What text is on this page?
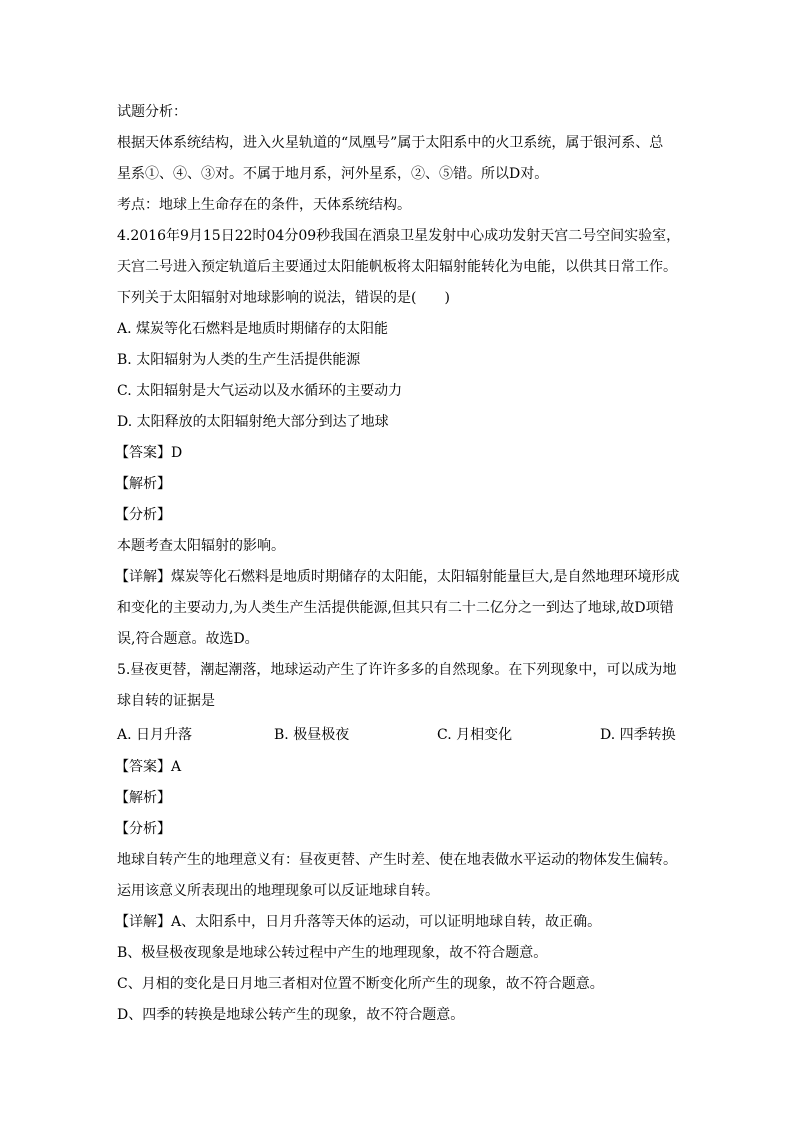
试题分析：
根据天体系统结构，进入火星轨道的“凤凰号”属于太阳系中的火卫系统，属于银河系、总
星系①、④、③对。不属于地月系，河外星系，②、⑤错。所以D对。
考点：地球上生命存在的条件，天体系统结构。
4.2016年9月15日22时04分09秒我国在酒泉卫星发射中心成功发射天宫二号空间实验室，
天宫二号进入预定轨道后主要通过太阳能帆板将太阳辐射能转化为电能，以供其日常工作。
下列关于太阳辐射对地球影响的说法，错误的是(　　)
A. 煤炭等化石燃料是地质时期储存的太阳能
B. 太阳辐射为人类的生产生活提供能源
C. 太阳辐射是大气运动以及水循环的主要动力
D. 太阳释放的太阳辐射绝大部分到达了地球
【答案】D
【解析】
【分析】
本题考查太阳辐射的影响。
【详解】煤炭等化石燃料是地质时期储存的太阳能，太阳辐射能量巨大,是自然地理环境形成
和变化的主要动力,为人类生产生活提供能源,但其只有二十二亿分之一到达了地球,故D项错
误,符合题意。故选D。
5.昼夜更替，潮起潮落，地球运动产生了许许多多的自然现象。在下列现象中，可以成为地
球自转的证据是
A. 日月升落	B. 极昼极夜	C. 月相变化	D. 四季转换
【答案】A
【解析】
【分析】
地球自转产生的地理意义有：昼夜更替、产生时差、使在地表做水平运动的物体发生偏转。
运用该意义所表现出的地理现象可以反证地球自转。
【详解】A、太阳系中，日月升落等天体的运动，可以证明地球自转，故正确。
B、极昼极夜现象是地球公转过程中产生的地理现象，故不符合题意。
C、月相的变化是日月地三者相对位置不断变化所产生的现象，故不符合题意。
D、四季的转换是地球公转产生的现象，故不符合题意。
